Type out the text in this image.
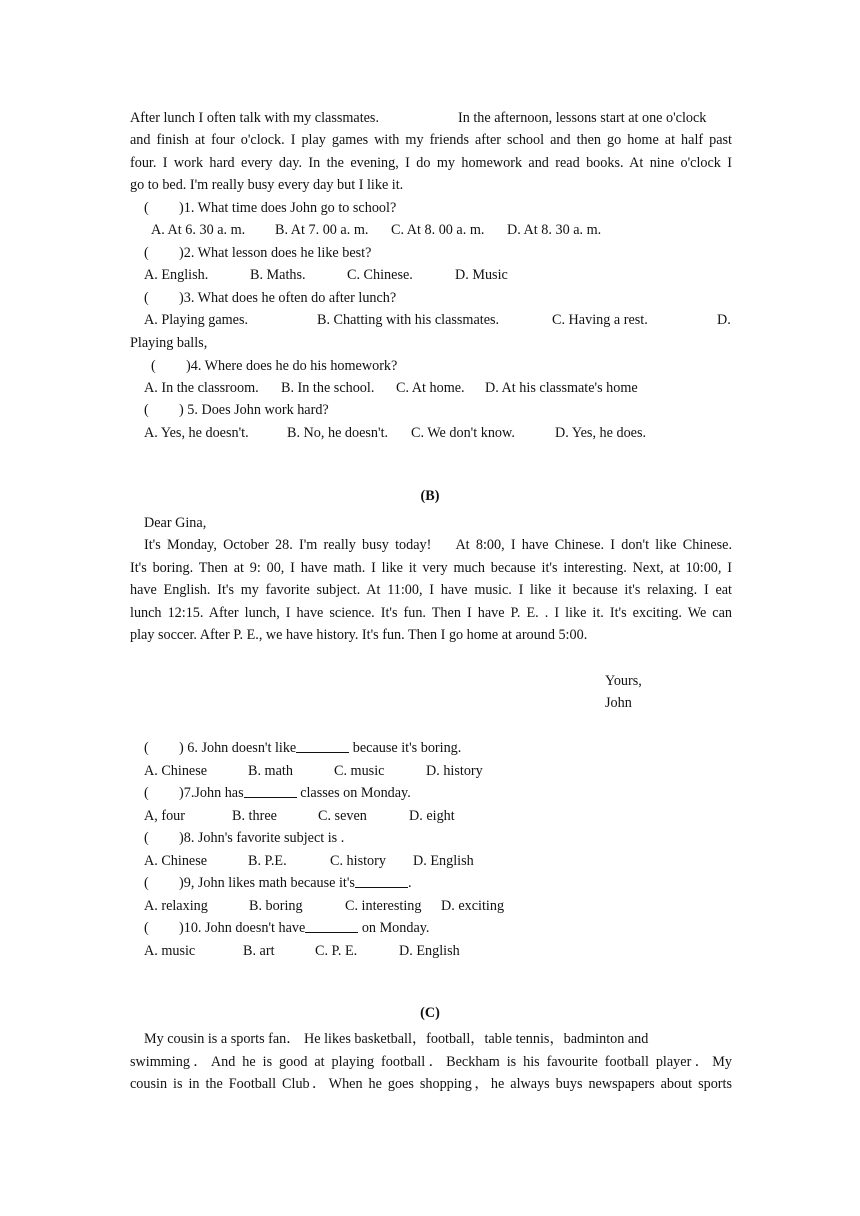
After lunch I often talk with my classmates.

	In the afternoon, lessons start at one o'clock

and finish at four o'clock. I play games with my friends after school and then go home at half past

four. I work hard every day. In the evening, I do my homework and read books. At nine o'clock I

go to bed. I'm really busy every day but I like it.

(

)1. What time does John go to school?

A. At 6. 30 a. m.

B. At 7. 00 a. m.

C. At 8. 00 a. m.

D. At 8. 30 a. m.

(

)2. What lesson does he like best?

A. English.

	B. Maths.

	C. Chinese.

	D. Music

(

)3. What does he often do after lunch?

A. Playing games.

	B. Chatting with his classmates.

	C. Having a rest.

	D.

Playing balls,

(

)4. Where does he do his homework?

A. In the classroom.

B. In the school.

C. At home.

D. At his classmate's home

(

) 5. Does John work hard?

A. Yes, he doesn't.

	B. No, he doesn't.

C. We don't know.

	D. Yes, he does.

(B)

Dear Gina,

It's Monday, October 28. I'm really busy today!    At 8:00, I have Chinese. I don't like Chinese.

It's boring. Then at 9: 00, I have math. I like it very much because it's interesting. Next, at 10:00, I

have English. It's my favorite subject. At 11:00, I have music. I like it because it's relaxing. I eat

lunch 12:15. After lunch, I have science. It's fun. Then I have P. E. . I like it. It's exciting. We can

play soccer. After P. E., we have history. It's fun. Then I go home at around 5:00.

Yours,

John

(

) 6. John doesn't like	because it's boring.

A. Chinese

	B. math

	C. music

	D. history

(

)7.John has	classes on Monday.

A, four

	B. three

	C. seven

	D. eight

(

)8. John's favorite subject is .

A. Chinese

	B. P.E.

	C. history

D. English

(

)9, John likes math because it's	.

A. relaxing

	B. boring

	C. interesting

D. exciting

(

)10. John doesn't have	on Monday.

A. music

	B. art

	C. P. E.

	D. English

(C)

My cousin is a sports fan． He likes basketball，football，table tennis，badminton and

swimming．And he is good at playing football．Beckham is his favourite football player．My

cousin is in the Football Club．When he goes shopping，he always buys newspapers about sports
